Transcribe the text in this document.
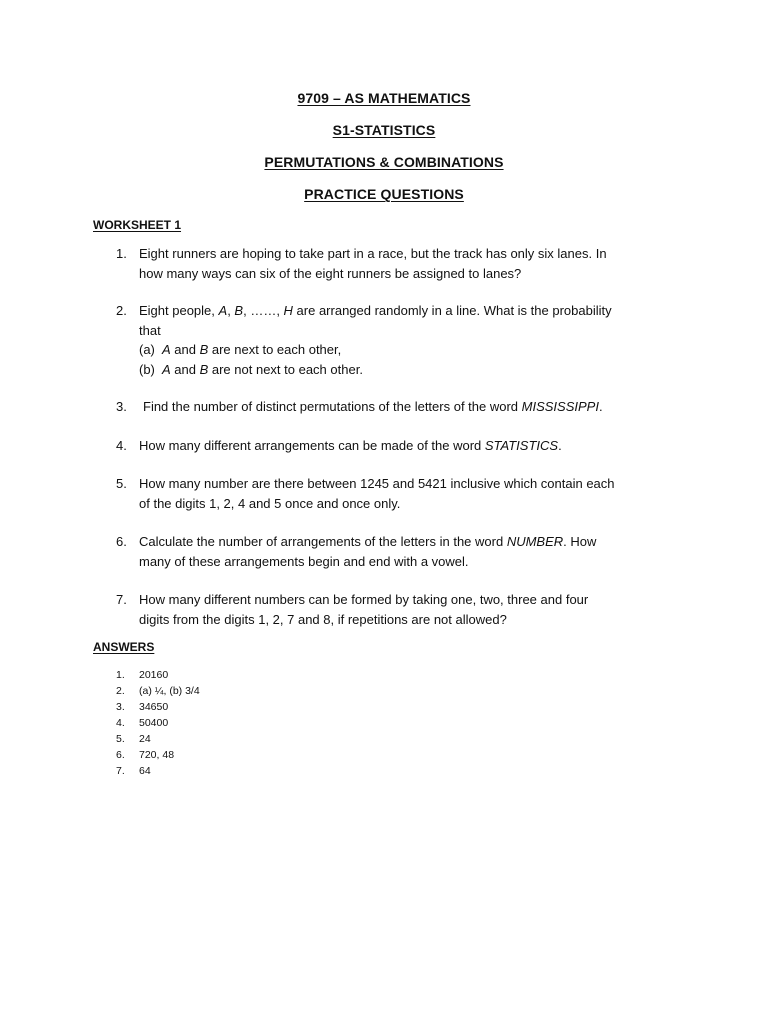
9709 – AS MATHEMATICS
S1-STATISTICS
PERMUTATIONS & COMBINATIONS
PRACTICE QUESTIONS
WORKSHEET 1
1. Eight runners are hoping to take part in a race, but the track has only six lanes. In
how many ways can six of the eight runners be assigned to lanes?
2. Eight people, A, B, ……, H are arranged randomly in a line. What is the probability
that
(a) A and B are next to each other,
(b) A and B are not next to each other.
3. Find the number of distinct permutations of the letters of the word MISSISSIPPI.
4. How many different arrangements can be made of the word STATISTICS.
5. How many number are there between 1245 and 5421 inclusive which contain each
of the digits 1, 2, 4 and 5 once and once only.
6. Calculate the number of arrangements of the letters in the word NUMBER. How
many of these arrangements begin and end with a vowel.
7. How many different numbers can be formed by taking one, two, three and four
digits from the digits 1, 2, 7 and 8, if repetitions are not allowed?
ANSWERS
1. 20160
2. (a) ¼, (b) 3/4
3. 34650
4. 50400
5. 24
6. 720, 48
7. 64
